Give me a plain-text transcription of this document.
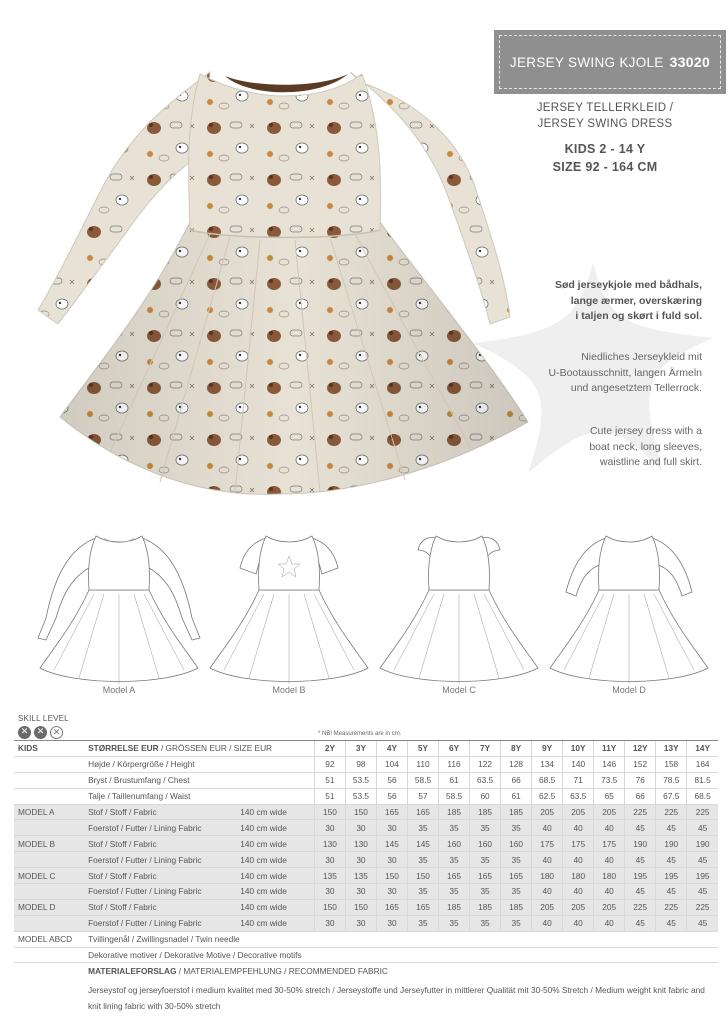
JERSEY SWING KJOLE 33020
JERSEY TELLERKLEID /
JERSEY SWING DRESS
KIDS 2 - 14 Y
SIZE 92 - 164 CM
Sød jerseykjole med bådhals,
lange ærmer, overskæring
i taljen og skørt i fuld sol.
Niedliches Jerseykleid mit
U-Bootausschnitt, langen Ärmeln
und angesetztem Tellerrock.
Cute jersey dress with a
boat neck, long sleeves,
waistline and full skirt.
Model A	Model B	Model C	Model D
SKILL LEVEL
✕ ✕ ✕	* NB! Measurements are in cm.
KIDS	STØRRELSE EUR / GRÖSSEN EUR / SIZE EUR		2Y	3Y	4Y	5Y	6Y	7Y	8Y	9Y	10Y	11Y	12Y	13Y	14Y
	Højde / Körpergröße / Height		92	98	104	110	116	122	128	134	140	146	152	158	164
	Bryst / Brustumfang / Chest		51	53.5	56	58.5	61	63.5	66	68.5	71	73.5	76	78.5	81.5
	Talje / Taillenumfang / Waist		51	53.5	56	57	58.5	60	61	62.5	63.5	65	66	67.5	68.5
MODEL A	Stof / Stoff / Fabric	140 cm wide	150	150	165	165	185	185	185	205	205	205	225	225	225
	Foerstof / Futter / Lining Fabric	140 cm wide	30	30	30	35	35	35	35	40	40	40	45	45	45
MODEL B	Stof / Stoff / Fabric	140 cm wide	130	130	145	145	160	160	160	175	175	175	190	190	190
	Foerstof / Futter / Lining Fabric	140 cm wide	30	30	30	35	35	35	35	40	40	40	45	45	45
MODEL C	Stof / Stoff / Fabric	140 cm wide	135	135	150	150	165	165	165	180	180	180	195	195	195
	Foerstof / Futter / Lining Fabric	140 cm wide	30	30	30	35	35	35	35	40	40	40	45	45	45
MODEL D	Stof / Stoff / Fabric	140 cm wide	150	150	165	165	185	185	185	205	205	205	225	225	225
	Foerstof / Futter / Lining Fabric	140 cm wide	30	30	30	35	35	35	35	40	40	40	45	45	45
MODEL ABCD	Tvillingenål / Zwillingsnadel / Twin needle														
	Dekorative motiver / Dekorative Motive / Decorative motifs														
	MATERIALEFORSLAG / MATERIALEMPFEHLUNG / RECOMMENDED FABRIC														
Jerseystof og jerseyfoerstof i medium kvalitet med 30-50% stretch / Jerseystoffe und Jerseyfutter in mittlerer Qualität mit 30-50% Stretch / Medium weight knit fabric and knit lining fabric with 30-50% stretch
